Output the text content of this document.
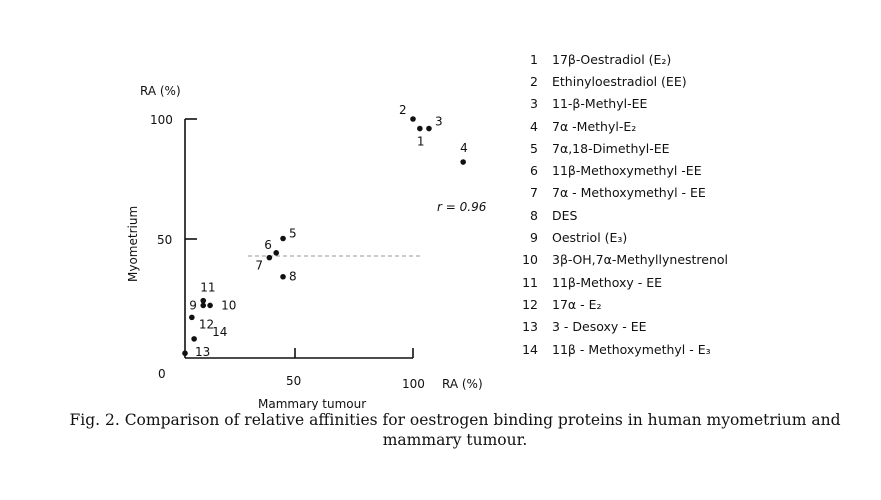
RA (%)
RA (%)
100
50
0	50	100
Mammary tumour
Myometrium	r = 0.96
1
2
3
4
5
6
7
8
9 10
11
12
13
14
1 17β-Oestradiol (E₂)
2 Ethinyloestradiol (EE)
3 11-β-Methyl-EE
4 7α -Methyl-E₂
5 7α,18-Dimethyl-EE
6 11β-Methoxymethyl -EE
7 7α - Methoxymethyl - EE
8 DES
9 Oestriol (E₃)
10 3β-OH,7α-Methyllynestrenol
11 11β-Methoxy - EE
12 17α - E₂
13 3 - Desoxy - EE
14 11β - Methoxymethyl - E₃
Fig. 2. Comparison of relative affinities for oestrogen binding proteins in human myometrium and mammary tumour.
